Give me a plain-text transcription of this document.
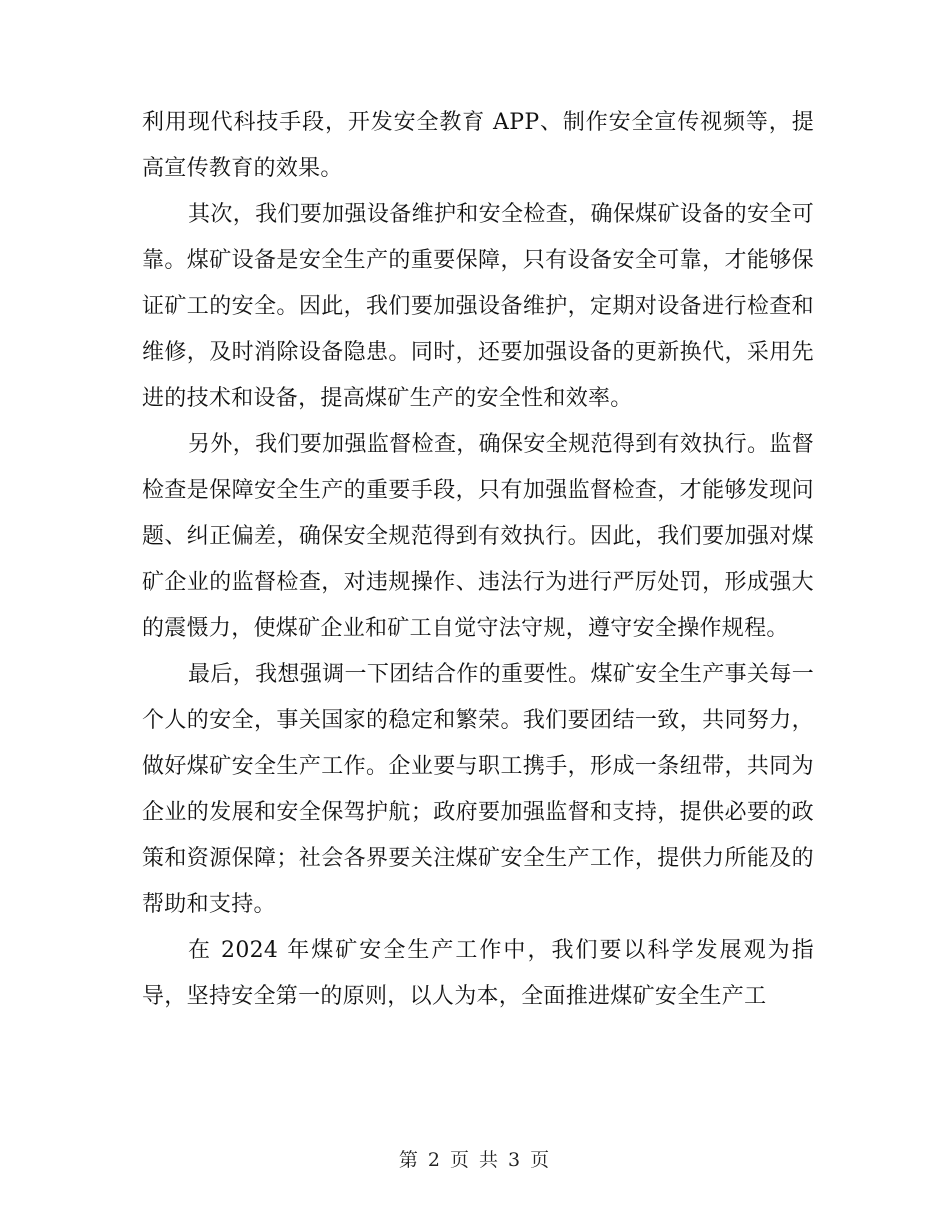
利用现代科技手段，开发安全教育 APP、制作安全宣传视频等，提高宣传教育的效果。

其次，我们要加强设备维护和安全检查，确保煤矿设备的安全可靠。煤矿设备是安全生产的重要保障，只有设备安全可靠，才能够保证矿工的安全。因此，我们要加强设备维护，定期对设备进行检查和维修，及时消除设备隐患。同时，还要加强设备的更新换代，采用先进的技术和设备，提高煤矿生产的安全性和效率。

另外，我们要加强监督检查，确保安全规范得到有效执行。监督检查是保障安全生产的重要手段，只有加强监督检查，才能够发现问题、纠正偏差，确保安全规范得到有效执行。因此，我们要加强对煤矿企业的监督检查，对违规操作、违法行为进行严厉处罚，形成强大的震慑力，使煤矿企业和矿工自觉守法守规，遵守安全操作规程。

最后，我想强调一下团结合作的重要性。煤矿安全生产事关每一个人的安全，事关国家的稳定和繁荣。我们要团结一致，共同努力，做好煤矿安全生产工作。企业要与职工携手，形成一条纽带，共同为企业的发展和安全保驾护航；政府要加强监督和支持，提供必要的政策和资源保障；社会各界要关注煤矿安全生产工作，提供力所能及的帮助和支持。

在 2024 年煤矿安全生产工作中，我们要以科学发展观为指导，坚持安全第一的原则，以人为本，全面推进煤矿安全生产工

第 2 页 共 3 页
